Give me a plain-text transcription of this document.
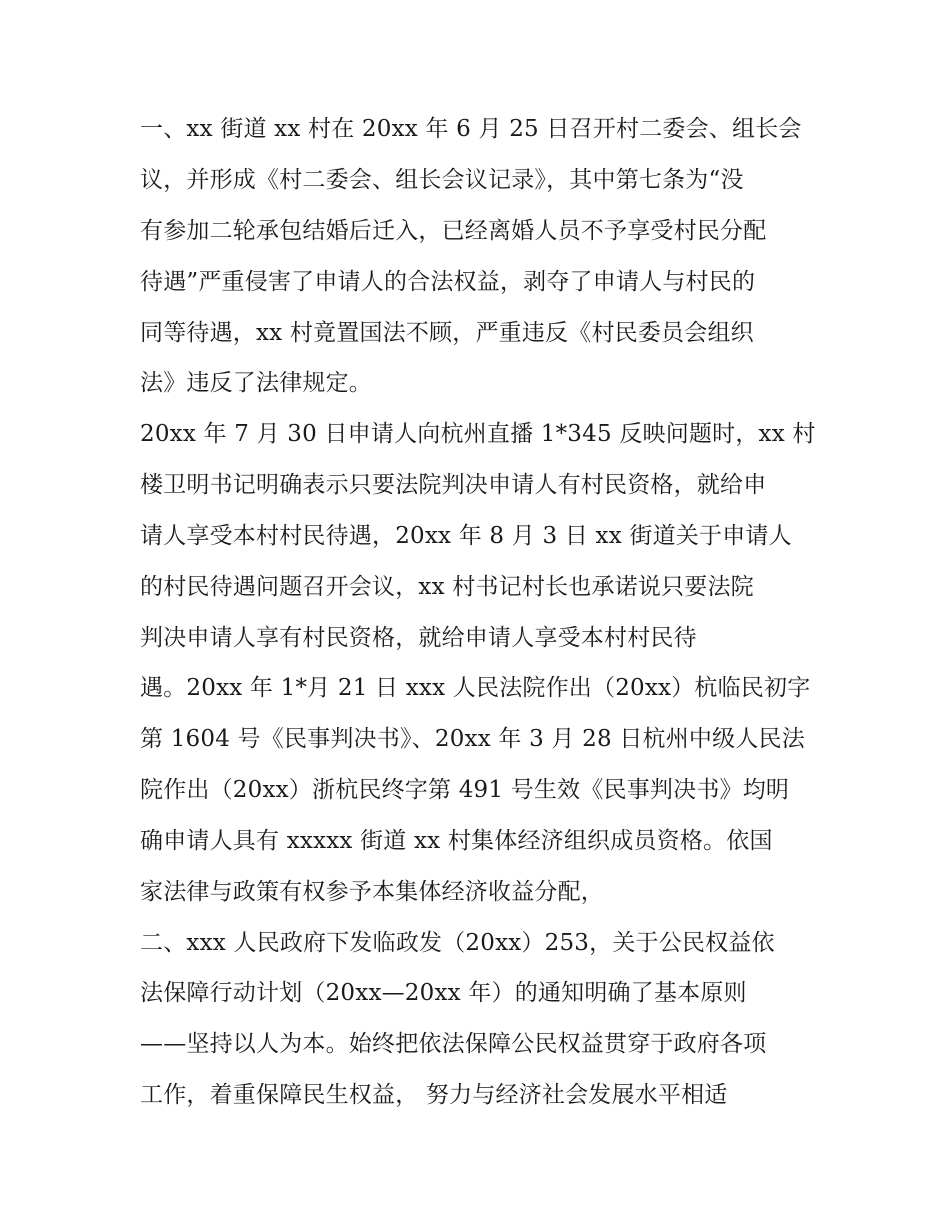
一、xx 街道 xx 村在 20xx 年 6 月 25 日召开村二委会、组长会
议，并形成《村二委会、组长会议记录》，其中第七条为“没
有参加二轮承包结婚后迁入，已经离婚人员不予享受村民分配
待遇”严重侵害了申请人的合法权益，剥夺了申请人与村民的
同等待遇，xx 村竟置国法不顾，严重违反《村民委员会组织
法》违反了法律规定。
20xx 年 7 月 30 日申请人向杭州直播 1*345 反映问题时，xx 村
楼卫明书记明确表示只要法院判决申请人有村民资格，就给申
请人享受本村村民待遇，20xx 年 8 月 3 日 xx 街道关于申请人
的村民待遇问题召开会议，xx 村书记村长也承诺说只要法院
判决申请人享有村民资格，就给申请人享受本村村民待
遇。20xx 年 1*月 21 日 xxx 人民法院作出（20xx）杭临民初字
第 1604 号《民事判决书》、20xx 年 3 月 28 日杭州中级人民法
院作出（20xx）浙杭民终字第 491 号生效《民事判决书》均明
确申请人具有 xxxxx 街道 xx 村集体经济组织成员资格。依国
家法律与政策有权参予本集体经济收益分配，
二、xxx 人民政府下发临政发（20xx）253，关于公民权益依
法保障行动计划（20xx—20xx 年）的通知明确了基本原则
——坚持以人为本。始终把依法保障公民权益贯穿于政府各项
工作，着重保障民生权益， 努力与经济社会发展水平相适
